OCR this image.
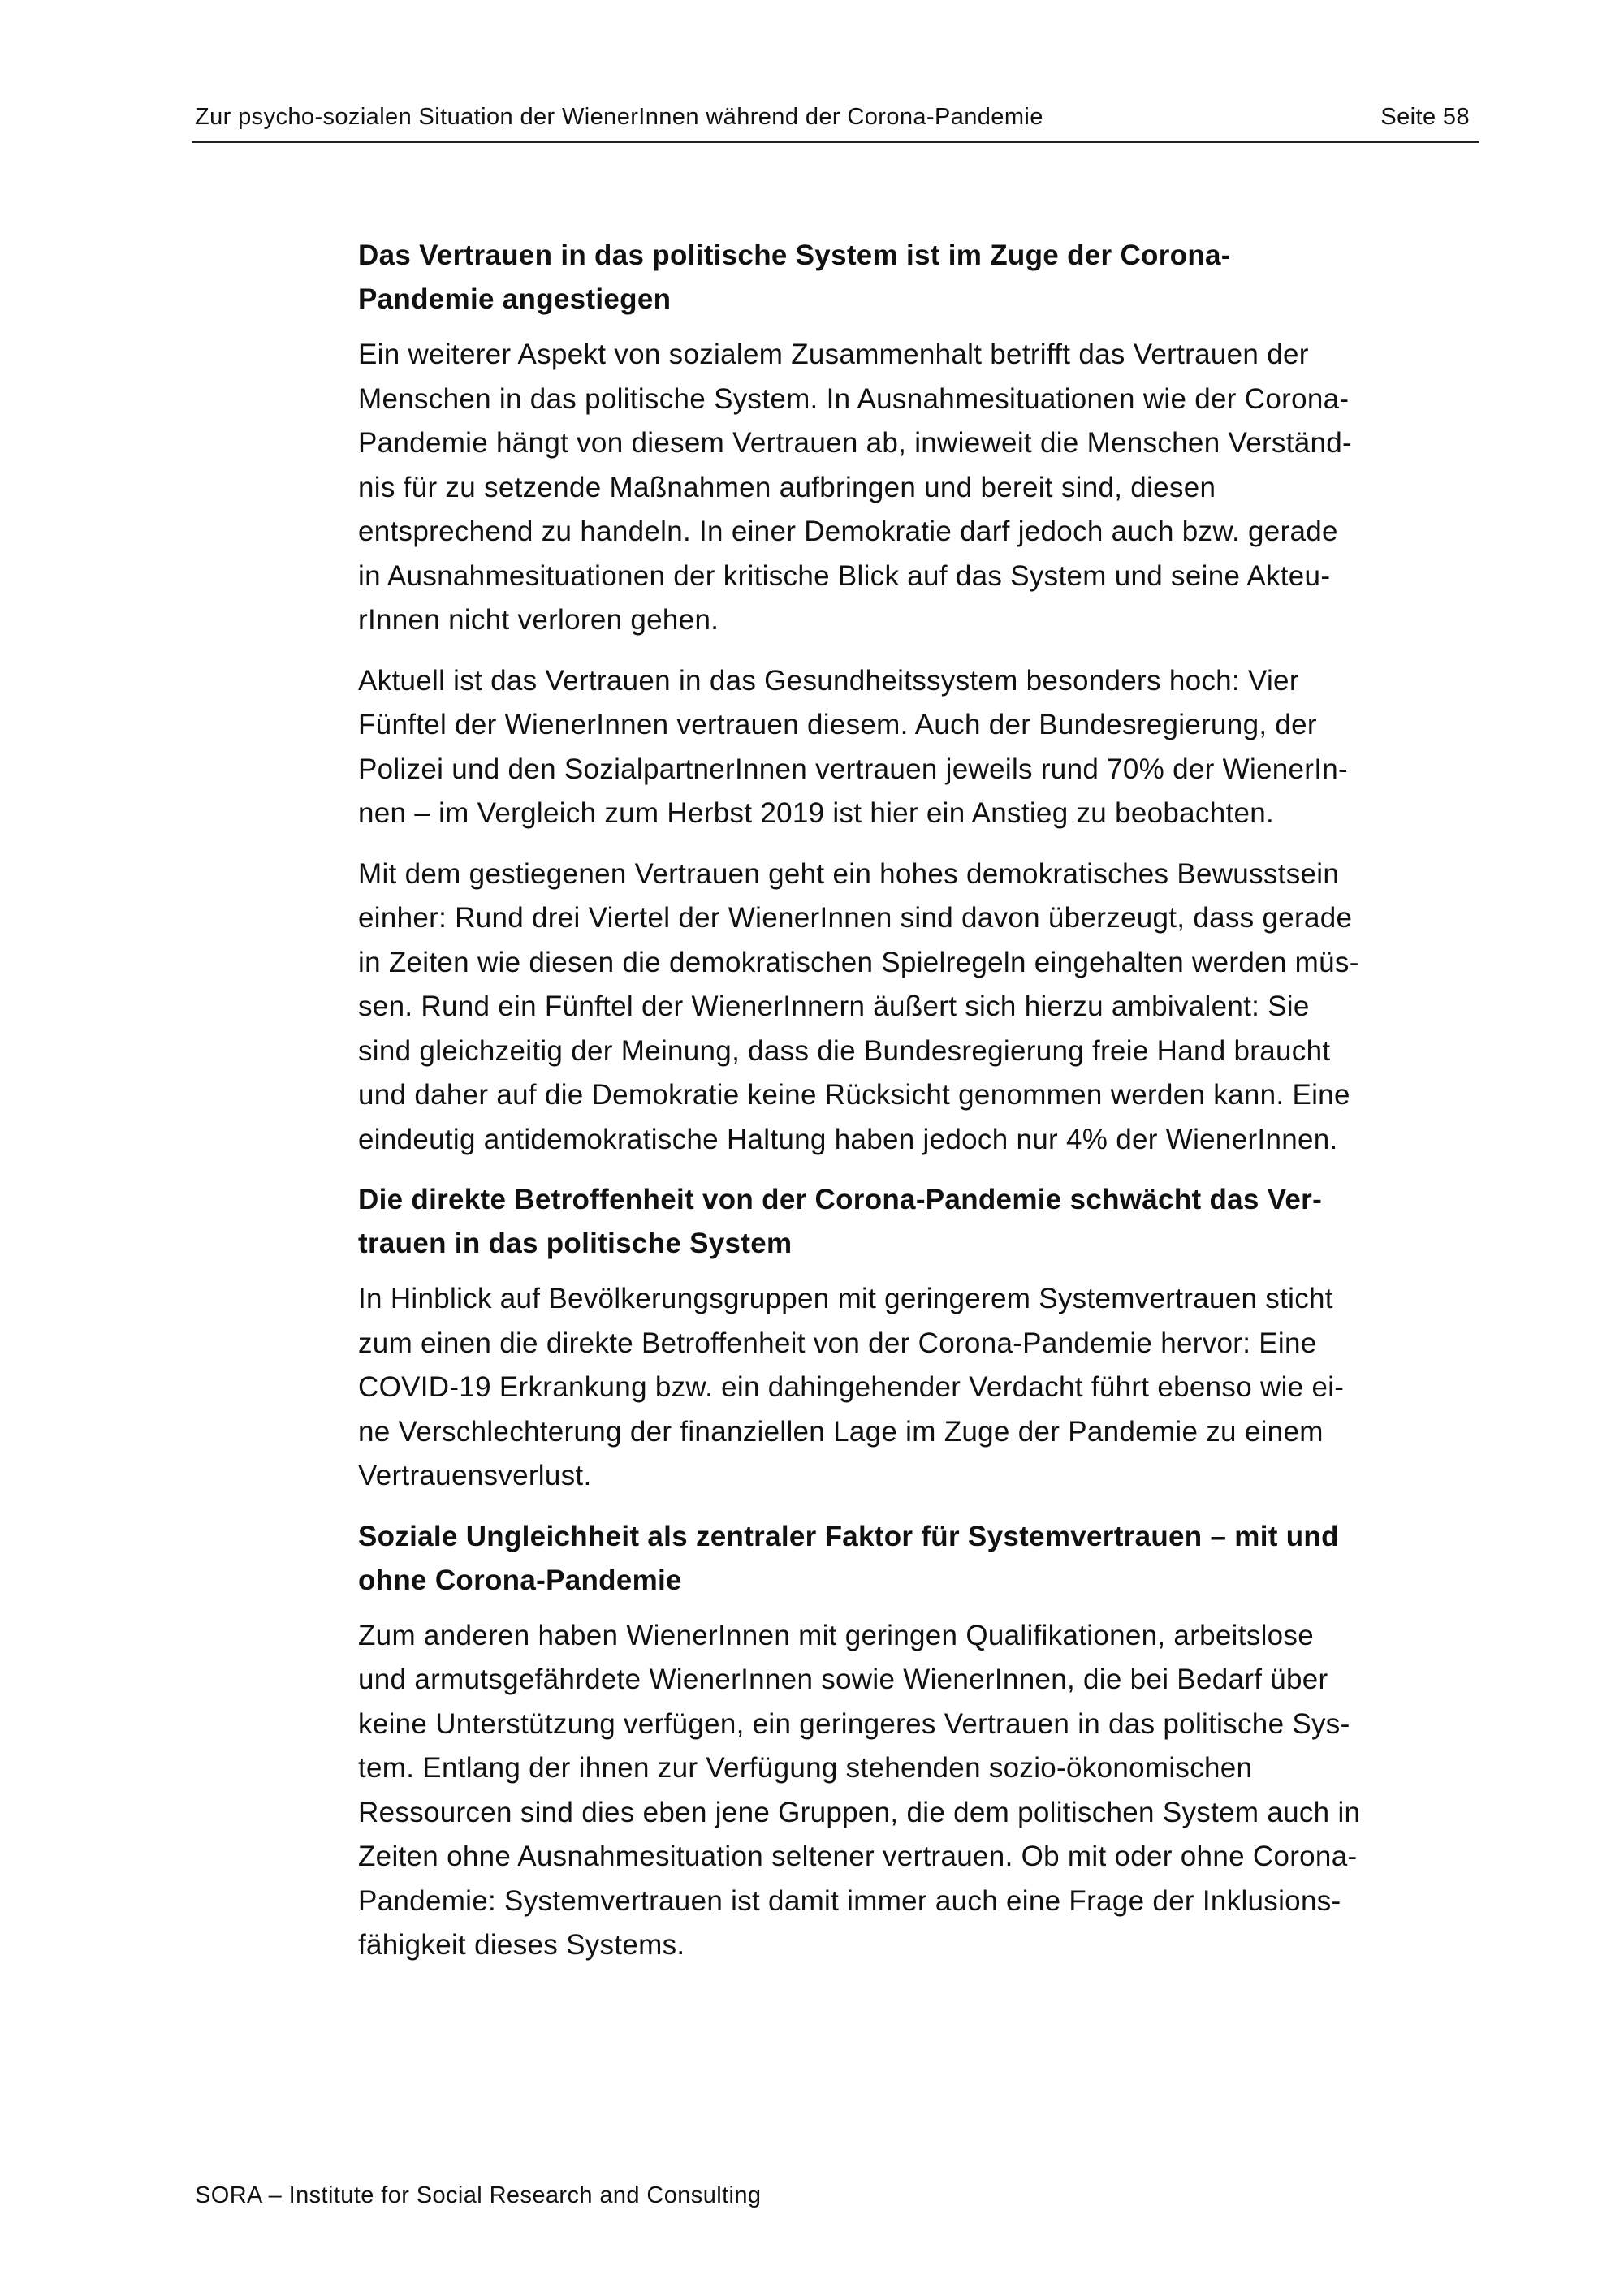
Zur psycho-sozialen Situation der WienerInnen während der Corona-Pandemie	Seite 58
Das Vertrauen in das politische System ist im Zuge der Corona-
Pandemie angestiegen

Ein weiterer Aspekt von sozialem Zusammenhalt betrifft das Vertrauen der
Menschen in das politische System. In Ausnahmesituationen wie der Corona-
Pandemie hängt von diesem Vertrauen ab, inwieweit die Menschen Verständ-
nis für zu setzende Maßnahmen aufbringen und bereit sind, diesen
entsprechend zu handeln. In einer Demokratie darf jedoch auch bzw. gerade
in Ausnahmesituationen der kritische Blick auf das System und seine Akteu-
rInnen nicht verloren gehen.

Aktuell ist das Vertrauen in das Gesundheitssystem besonders hoch: Vier
Fünftel der WienerInnen vertrauen diesem. Auch der Bundesregierung, der
Polizei und den SozialpartnerInnen vertrauen jeweils rund 70% der WienerIn-
nen – im Vergleich zum Herbst 2019 ist hier ein Anstieg zu beobachten.

Mit dem gestiegenen Vertrauen geht ein hohes demokratisches Bewusstsein
einher: Rund drei Viertel der WienerInnen sind davon überzeugt, dass gerade
in Zeiten wie diesen die demokratischen Spielregeln eingehalten werden müs-
sen. Rund ein Fünftel der WienerInnern äußert sich hierzu ambivalent: Sie
sind gleichzeitig der Meinung, dass die Bundesregierung freie Hand braucht
und daher auf die Demokratie keine Rücksicht genommen werden kann. Eine
eindeutig antidemokratische Haltung haben jedoch nur 4% der WienerInnen.

Die direkte Betroffenheit von der Corona-Pandemie schwächt das Ver-
trauen in das politische System

In Hinblick auf Bevölkerungsgruppen mit geringerem Systemvertrauen sticht
zum einen die direkte Betroffenheit von der Corona-Pandemie hervor: Eine
COVID-19 Erkrankung bzw. ein dahingehender Verdacht führt ebenso wie ei-
ne Verschlechterung der finanziellen Lage im Zuge der Pandemie zu einem
Vertrauensverlust.

Soziale Ungleichheit als zentraler Faktor für Systemvertrauen – mit und
ohne Corona-Pandemie

Zum anderen haben WienerInnen mit geringen Qualifikationen, arbeitslose
und armutsgefährdete WienerInnen sowie WienerInnen, die bei Bedarf über
keine Unterstützung verfügen, ein geringeres Vertrauen in das politische Sys-
tem. Entlang der ihnen zur Verfügung stehenden sozio-ökonomischen
Ressourcen sind dies eben jene Gruppen, die dem politischen System auch in
Zeiten ohne Ausnahmesituation seltener vertrauen. Ob mit oder ohne Corona-
Pandemie: Systemvertrauen ist damit immer auch eine Frage der Inklusions-
fähigkeit dieses Systems.

SORA – Institute for Social Research and Consulting
